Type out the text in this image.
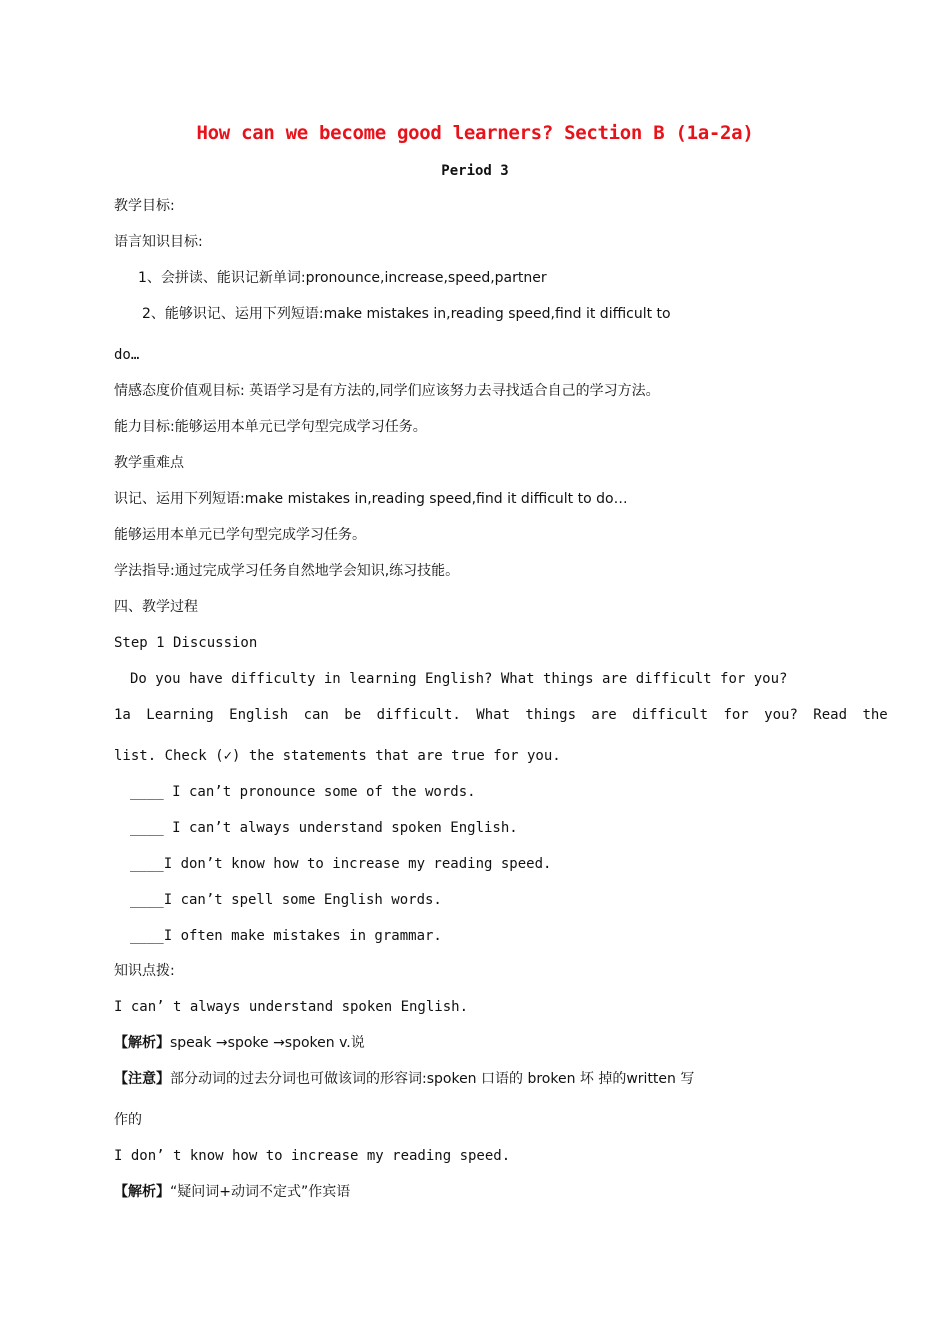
How can we become good learners? Section B (1a-2a)
Period 3
教学目标:
语言知识目标:
1、会拼读、能识记新单词:pronounce,increase,speed,partner
2、能够识记、运用下列短语:make mistakes in,reading speed,find it difficult to
do…
情感态度价值观目标: 英语学习是有方法的,同学们应该努力去寻找适合自己的学习方法。
能力目标:能够运用本单元已学句型完成学习任务。
教学重难点
识记、运用下列短语:make mistakes in,reading speed,find it difficult to do…
能够运用本单元已学句型完成学习任务。
学法指导:通过完成学习任务自然地学会知识,练习技能。
四、教学过程
Step 1 Discussion
Do you have difficulty in learning English? What things are difficult for you?
1a Learning English can be difficult. What things are difficult for you? Read the
list. Check (✓) the statements that are true for you.
____ I can’t pronounce some of the words.
____ I can’t always understand spoken English.
____I don’t know how to increase my reading speed.
____I can’t spell some English words.
____I often make mistakes in grammar.
知识点拨:
I can’ t always understand spoken English.
【解析】speak →spoke →spoken v.说
【注意】部分动词的过去分词也可做该词的形容词:spoken 口语的 broken 坏 掉的written 写
作的
I don’ t know how to increase my reading speed.
【解析】“疑问词+动词不定式”作宾语
